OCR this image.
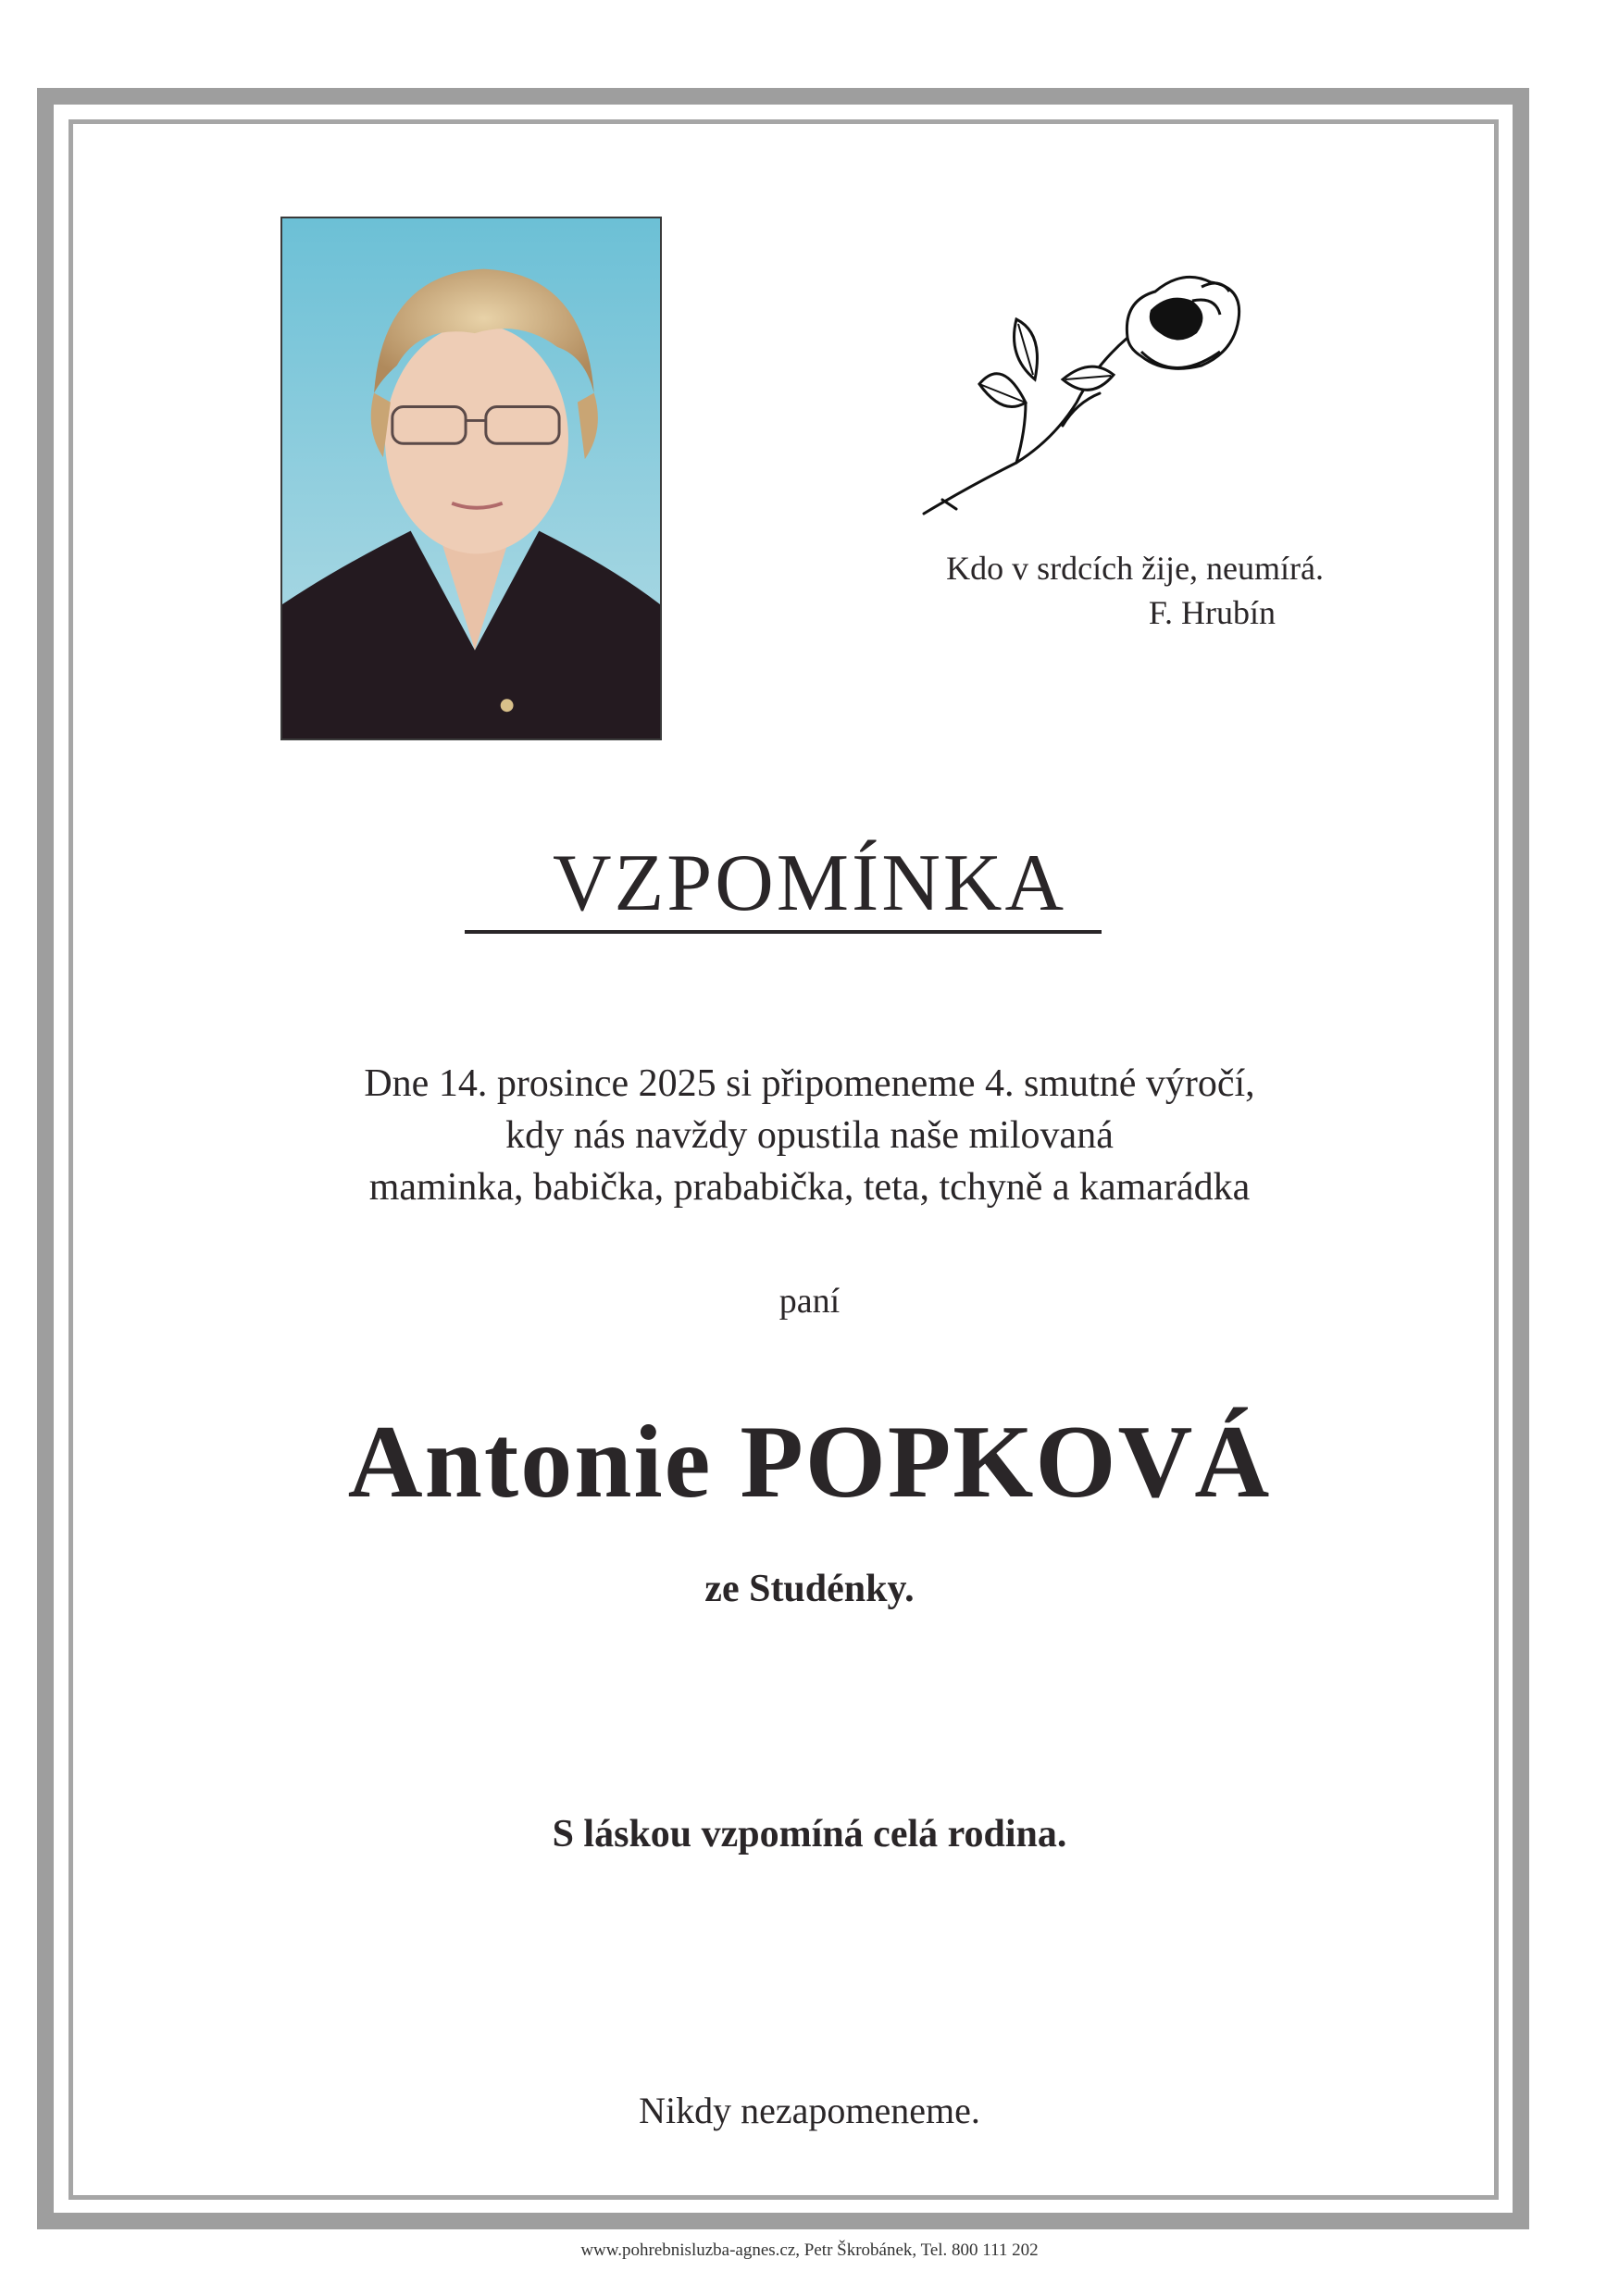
Kdo v srdcích žije, neumírá.
F. Hrubín
VZPOMÍNKA
Dne 14. prosince 2025 si připomeneme 4. smutné výročí,
kdy nás navždy opustila naše milovaná
maminka, babička, prababička, teta, tchyně a kamarádka
paní
Antonie POPKOVÁ
ze Studénky.
S láskou vzpomíná celá rodina.
Nikdy nezapomeneme.
www.pohrebnisluzba-agnes.cz, Petr Škrobánek, Tel. 800 111 202
